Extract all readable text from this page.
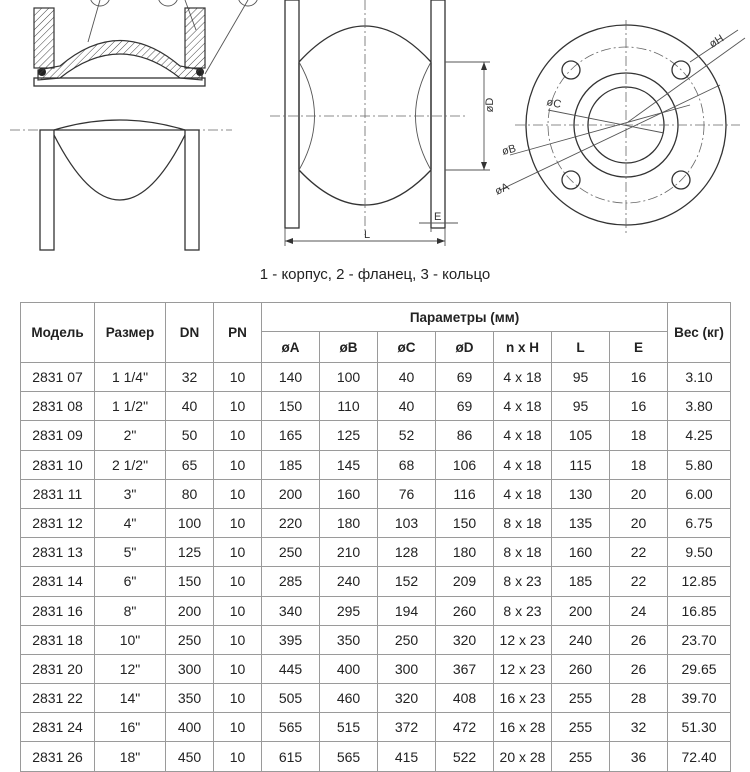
øD
E
L
øA
øB
øC
øH
1 - корпус, 2 - фланец, 3 - кольцо
Модель	Размер	DN	PN	Параметры (мм)							Вес (кг)
				øA	øB	øC	øD	n x H	L	E	
2831 07	1 1/4"	32	10	140	100	40	69	4 x 18	95	16	3.10
2831 08	1 1/2"	40	10	150	110	40	69	4 x 18	95	16	3.80
2831 09	2"	50	10	165	125	52	86	4 x 18	105	18	4.25
2831 10	2 1/2"	65	10	185	145	68	106	4 x 18	115	18	5.80
2831 11	3"	80	10	200	160	76	116	4 x 18	130	20	6.00
2831 12	4"	100	10	220	180	103	150	8 x 18	135	20	6.75
2831 13	5"	125	10	250	210	128	180	8 x 18	160	22	9.50
2831 14	6"	150	10	285	240	152	209	8 x 23	185	22	12.85
2831 16	8"	200	10	340	295	194	260	8 x 23	200	24	16.85
2831 18	10"	250	10	395	350	250	320	12 x 23	240	26	23.70
2831 20	12"	300	10	445	400	300	367	12 x 23	260	26	29.65
2831 22	14"	350	10	505	460	320	408	16 x 23	255	28	39.70
2831 24	16"	400	10	565	515	372	472	16 x 28	255	32	51.30
2831 26	18"	450	10	615	565	415	522	20 x 28	255	36	72.40
